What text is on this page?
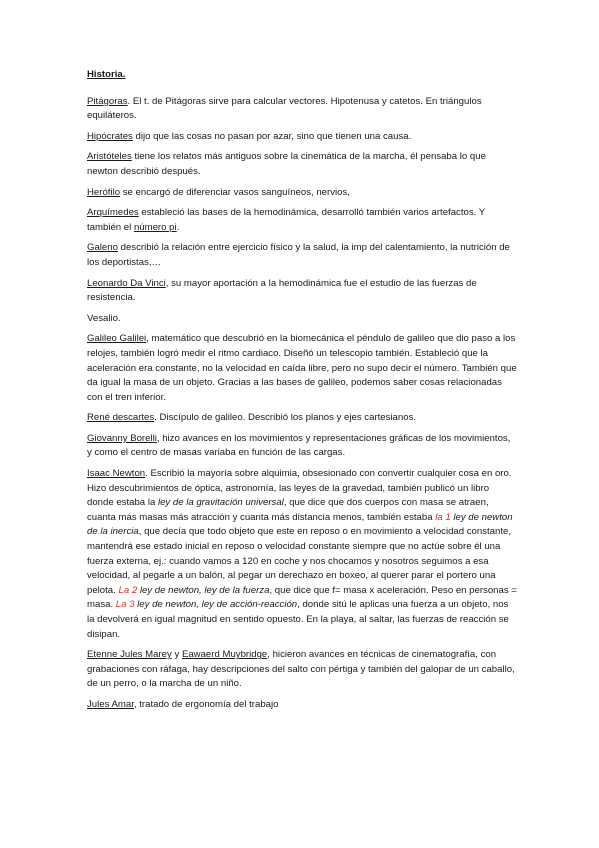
Historia.

Pitágoras. El t. de Pitágoras sirve para calcular vectores. Hipotenusa y catetos. En triángulos equiláteros.

Hipócrates dijo que las cosas no pasan por azar, sino que tienen una causa.

Aristóteles tiene los relatos más antiguos sobre la cinemática de la marcha, él pensaba lo que newton describió después.

Herófilo se encargó de diferenciar vasos sanguíneos, nervios,

Arquímedes estableció las bases de la hemodinámica, desarrolló también varios artefactos. Y también el número pi.

Galeno describió la relación entre ejercicio físico y la salud, la imp del calentamiento, la nutrición de los deportistas,…

Leonardo Da Vinci, su mayor aportación a la hemodinámica fue el estudio de las fuerzas de resistencia.

Vesalio.

Galileo Galilei, matemático que descubrió en la biomecánica el péndulo de galileo que dio paso a los relojes, también logró medir el ritmo cardiaco. Diseñó un telescopio también. Estableció que la aceleración era constante, no la velocidad en caída libre, pero no supo decir el número. También que da igual la masa de un objeto. Gracias a las bases de galileo, podemos saber cosas relacionadas con el tren inferior.

René descartes. Discípulo de galileo. Describió los planos y ejes cartesianos.

Giovanny Borelli, hizo avances en los movimientos y representaciones gráficas de los movimientos, y como el centro de masas variaba en función de las cargas.

Isaac Newton. Escribió la mayoría sobre alquimia, obsesionado con convertir cualquier cosa en oro. Hizo descubrimientos de óptica, astronomía, las leyes de la gravedad, también publicó un libro donde estaba la ley de la gravitación universal, que dice que dos cuerpos con masa se atraen, cuanta más masas más atracción y cuanta más distancia menos, también estaba la 1 ley de newton de la inercia, que decía que todo objeto que este en reposo o en movimiento a velocidad constante, mantendrá ese estado inicial en reposo o velocidad constante siempre que no actúe sobre él una fuerza externa, ej.: cuando vamos a 120 en coche y nos chocamos y nosotros seguimos a esa velocidad, al pegarle a un balón, al pegar un derechazo en boxeo, al querer parar el portero una pelota. La 2 ley de newton, ley de la fuerza, que dice que f= masa x aceleración. Peso en personas = masa. La 3 ley de newton, ley de acción-reacción, donde sitú le aplicas una fuerza a un objeto, nos la devolverá en igual magnitud en sentido opuesto. En la playa, al saltar, las fuerzas de reacción se disipan.

Etenne Jules Marey y Eawaerd Muybridge, hicieron avances en técnicas de cinematografía, con grabaciones con ráfaga, hay descripciones del salto con pértiga y también del galopar de un caballo, de un perro, o la marcha de un niño.

Jules Amar, tratado de ergonomía del trabajo
